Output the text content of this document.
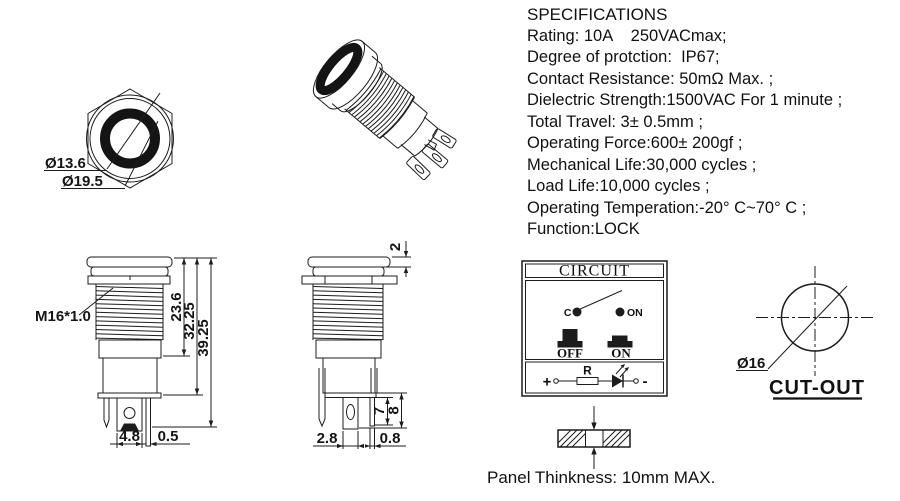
Ø13.6
Ø19.5
4.8 0.5
23.6
32.25
39.25
M16*1.0
7
8
2
2.8	0.8
CIRCUIT
C	ON
OFF ON
+
R
-
Ø16
CUT-OUT
Panel Thinkness: 10mm MAX.
SPECIFICATIONS
Rating: 10A    250VACmax;
Degree of protction:  IP67;
Contact Resistance: 50mΩ Max. ;
Dielectric Strength:1500VAC For 1 minute ;
Total Travel: 3± 0.5mm ;
Operating Force:600± 200gf ;
Mechanical Life:30,000 cycles ;
Load Life:10,000 cycles ;
Operating Temperation:-20° C~70° C ;
Function:LOCK
